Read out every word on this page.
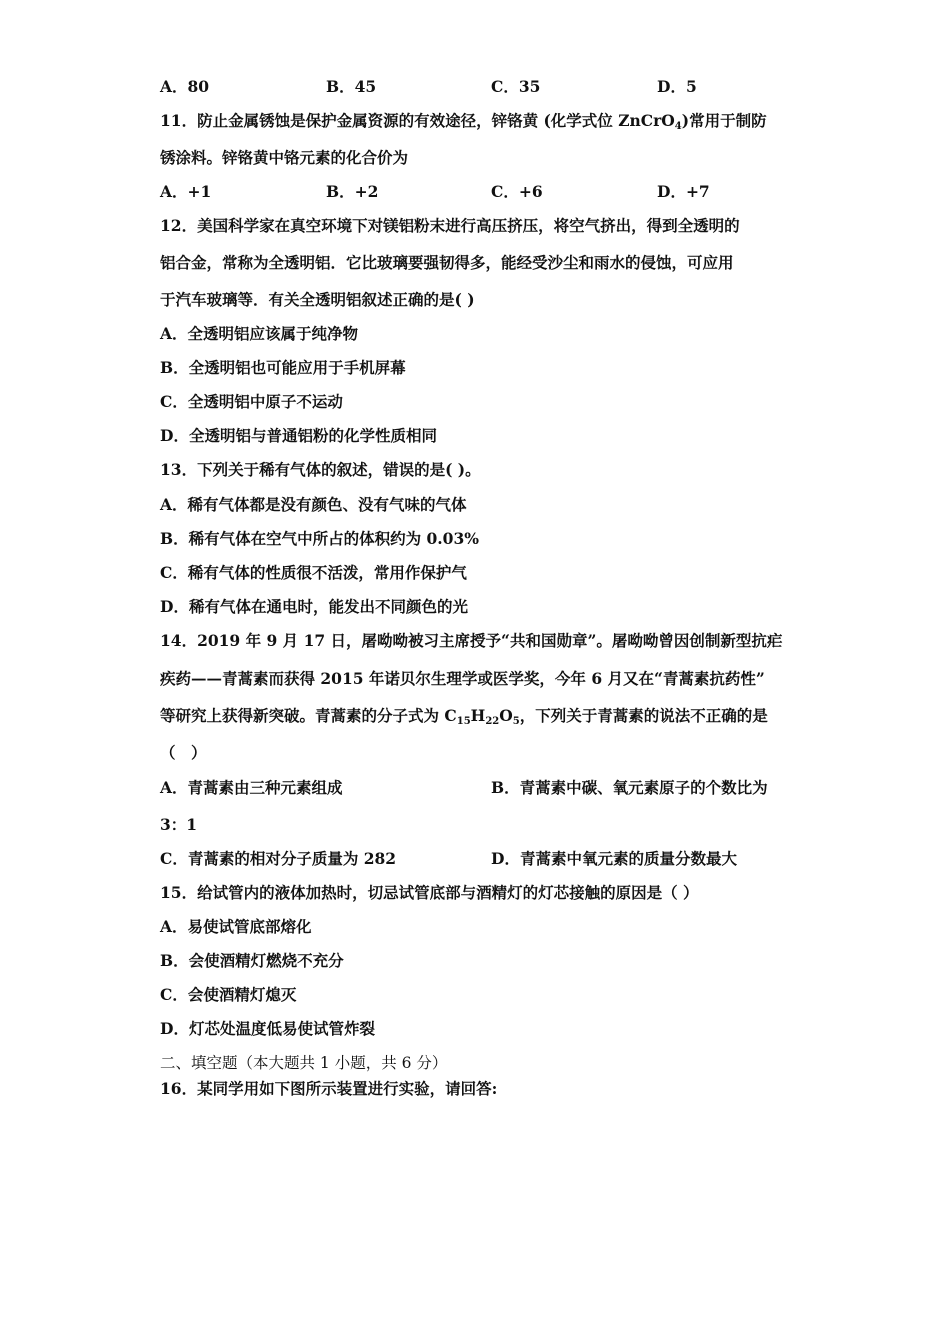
A．80	B．45	C．35	D．5
11．防止金属锈蚀是保护金属资源的有效途径，锌铬黄 (化学式位 ZnCrO$_4$)常用于制防
锈涂料。锌铬黄中铬元素的化合价为
A．+1	B．+2	C．+6	D．+7
12．美国科学家在真空环境下对镁铝粉末进行高压挤压，将空气挤出，得到全透明的
铝合金，常称为全透明铝．它比玻璃要强韧得多，能经受沙尘和雨水的侵蚀，可应用
于汽车玻璃等．有关全透明铝叙述正确的是( )
A．全透明铝应该属于纯净物
B．全透明铝也可能应用于手机屏幕
C．全透明铝中原子不运动
D．全透明铝与普通铝粉的化学性质相同
13．下列关于稀有气体的叙述，错误的是( )。
A．稀有气体都是没有颜色、没有气味的气体
B．稀有气体在空气中所占的体积约为 0.03%
C．稀有气体的性质很不活泼，常用作保护气
D．稀有气体在通电时，能发出不同颜色的光
14．2019 年 9 月 17 日，屠呦呦被习主席授予“共和国勋章”。屠呦呦曾因创制新型抗疟
疾药——青蒿素而获得 2015 年诺贝尔生理学或医学奖，今年 6 月又在“青蒿素抗药性”
等研究上获得新突破。青蒿素的分子式为 $C_{15}H_{22}O_5$，下列关于青蒿素的说法不正确的是
（　）
A．青蒿素由三种元素组成	B．青蒿素中碳、氧元素原子的个数比为
3：1
C．青蒿素的相对分子质量为 282	D．青蒿素中氧元素的质量分数最大
15．给试管内的液体加热时，切忌试管底部与酒精灯的灯芯接触的原因是（ ）
A．易使试管底部熔化
B．会使酒精灯燃烧不充分
C．会使酒精灯熄灭
D．灯芯处温度低易使试管炸裂
二、填空题（本大题共 1 小题，共 6 分）
16．某同学用如下图所示装置进行实验，请回答:
